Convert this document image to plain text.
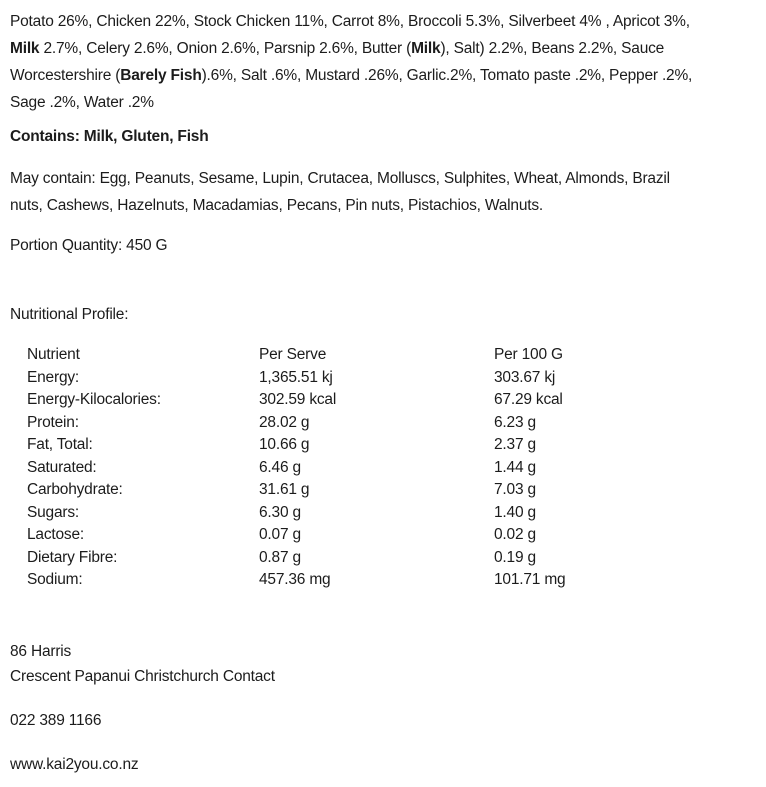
Potato 26%, Chicken 22%, Stock Chicken 11%, Carrot 8%, Broccoli 5.3%, Silverbeet 4% , Apricot 3%,
Milk 2.7%, Celery 2.6%, Onion 2.6%, Parsnip 2.6%, Butter (Milk), Salt) 2.2%, Beans 2.2%, Sauce
Worcestershire (Barely Fish).6%, Salt .6%, Mustard .26%, Garlic.2%, Tomato paste .2%, Pepper .2%,
Sage .2%, Water .2%

Contains: Milk, Gluten, Fish

May contain: Egg, Peanuts, Sesame, Lupin, Crutacea, Molluscs, Sulphites, Wheat, Almonds, Brazil
nuts, Cashews, Hazelnuts, Macadamias, Pecans, Pin nuts, Pistachios, Walnuts.

Portion Quantity: 450 G

Nutritional Profile:

Nutrient	Per Serve	Per 100 G
Energy:	1,365.51 kj	303.67 kj
Energy-Kilocalories:	302.59 kcal	67.29 kcal
Protein:	28.02 g	6.23 g
Fat, Total:	10.66 g	2.37 g
Saturated:	6.46 g	1.44 g
Carbohydrate:	31.61 g	7.03 g
Sugars:	6.30 g	1.40 g
Lactose:	0.07 g	0.02 g
Dietary Fibre:	0.87 g	0.19 g
Sodium:	457.36 mg	101.71 mg

86 Harris
Crescent Papanui Christchurch Contact

022 389 1166

www.kai2you.co.nz
